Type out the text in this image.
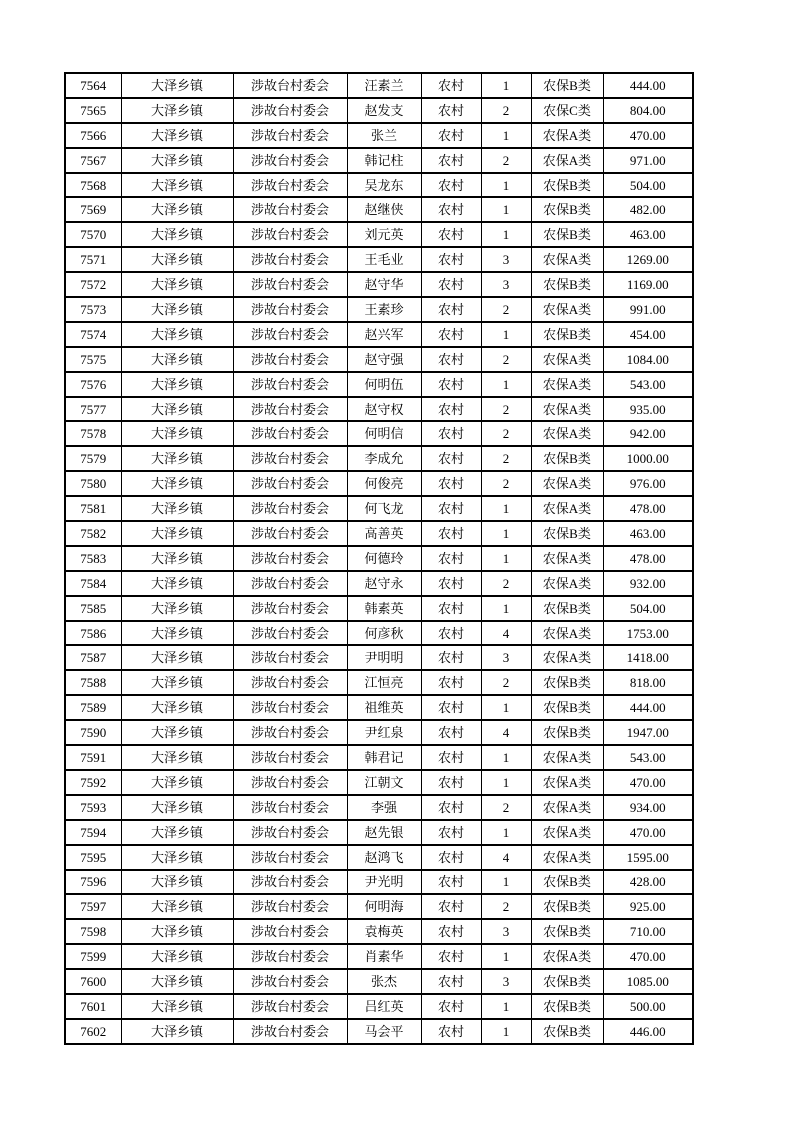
7564	大泽乡镇	涉故台村委会	汪素兰	农村	1	农保B类	444.00
7565	大泽乡镇	涉故台村委会	赵发支	农村	2	农保C类	804.00
7566	大泽乡镇	涉故台村委会	张兰	农村	1	农保A类	470.00
7567	大泽乡镇	涉故台村委会	韩记柱	农村	2	农保A类	971.00
7568	大泽乡镇	涉故台村委会	吴龙东	农村	1	农保B类	504.00
7569	大泽乡镇	涉故台村委会	赵继侠	农村	1	农保B类	482.00
7570	大泽乡镇	涉故台村委会	刘元英	农村	1	农保B类	463.00
7571	大泽乡镇	涉故台村委会	王毛业	农村	3	农保A类	1269.00
7572	大泽乡镇	涉故台村委会	赵守华	农村	3	农保B类	1169.00
7573	大泽乡镇	涉故台村委会	王素珍	农村	2	农保A类	991.00
7574	大泽乡镇	涉故台村委会	赵兴军	农村	1	农保B类	454.00
7575	大泽乡镇	涉故台村委会	赵守强	农村	2	农保A类	1084.00
7576	大泽乡镇	涉故台村委会	何明伍	农村	1	农保A类	543.00
7577	大泽乡镇	涉故台村委会	赵守权	农村	2	农保A类	935.00
7578	大泽乡镇	涉故台村委会	何明信	农村	2	农保A类	942.00
7579	大泽乡镇	涉故台村委会	李成允	农村	2	农保B类	1000.00
7580	大泽乡镇	涉故台村委会	何俊亮	农村	2	农保A类	976.00
7581	大泽乡镇	涉故台村委会	何飞龙	农村	1	农保A类	478.00
7582	大泽乡镇	涉故台村委会	高善英	农村	1	农保B类	463.00
7583	大泽乡镇	涉故台村委会	何德玲	农村	1	农保A类	478.00
7584	大泽乡镇	涉故台村委会	赵守永	农村	2	农保A类	932.00
7585	大泽乡镇	涉故台村委会	韩素英	农村	1	农保B类	504.00
7586	大泽乡镇	涉故台村委会	何彦秋	农村	4	农保A类	1753.00
7587	大泽乡镇	涉故台村委会	尹明明	农村	3	农保A类	1418.00
7588	大泽乡镇	涉故台村委会	江恒亮	农村	2	农保B类	818.00
7589	大泽乡镇	涉故台村委会	祖维英	农村	1	农保B类	444.00
7590	大泽乡镇	涉故台村委会	尹红泉	农村	4	农保B类	1947.00
7591	大泽乡镇	涉故台村委会	韩君记	农村	1	农保A类	543.00
7592	大泽乡镇	涉故台村委会	江朝文	农村	1	农保A类	470.00
7593	大泽乡镇	涉故台村委会	李强	农村	2	农保A类	934.00
7594	大泽乡镇	涉故台村委会	赵先银	农村	1	农保A类	470.00
7595	大泽乡镇	涉故台村委会	赵鸿飞	农村	4	农保A类	1595.00
7596	大泽乡镇	涉故台村委会	尹光明	农村	1	农保B类	428.00
7597	大泽乡镇	涉故台村委会	何明海	农村	2	农保B类	925.00
7598	大泽乡镇	涉故台村委会	袁梅英	农村	3	农保B类	710.00
7599	大泽乡镇	涉故台村委会	肖素华	农村	1	农保A类	470.00
7600	大泽乡镇	涉故台村委会	张杰	农村	3	农保B类	1085.00
7601	大泽乡镇	涉故台村委会	吕红英	农村	1	农保B类	500.00
7602	大泽乡镇	涉故台村委会	马会平	农村	1	农保B类	446.00
